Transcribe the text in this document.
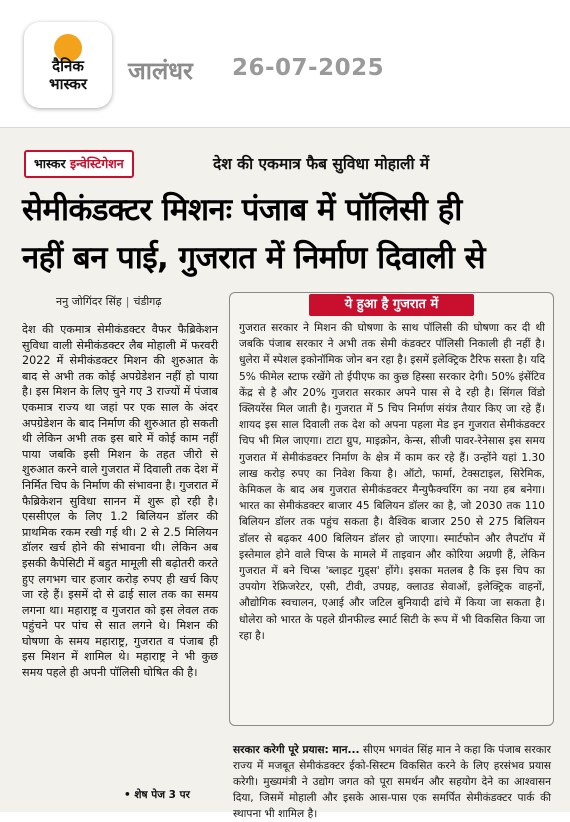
दैनिक
भास्कर	जालंधर 26-07-2025
भास्कर इन्वेस्टिगेशन	देश की एकमात्र फैब सुविधा मोहाली में
सेमीकंडक्टर मिशनः पंजाब में पॉलिसी ही
नहीं बन पाई, गुजरात में निर्माण दिवाली से
ननु जोगिंदर सिंह | चंडीगढ़

देश की एकमात्र सेमीकंडक्टर वैफर फैब्रिकेशन सुविधा वाली सेमीकंडक्टर लैब मोहाली में फरवरी 2022 में सेमीकंडक्टर मिशन की शुरुआत के बाद से अभी तक कोई अपग्रेडेशन नहीं हो पाया है। इस मिशन के लिए चुने गए 3 राज्यों में पंजाब एकमात्र राज्य था जहां पर एक साल के अंदर अपग्रेडेशन के बाद निर्माण की शुरुआत हो सकती थी लेकिन अभी तक इस बारे में कोई काम नहीं पाया जबकि इसी मिशन के तहत जीरो से शुरुआत करने वाले गुजरात में दिवाली तक देश में निर्मित चिप के निर्माण की संभावना है। गुजरात में फैब्रिकेशन सुविधा सानन में शुरू हो रही है। एससीएल के लिए 1.2 बिलियन डॉलर की प्राथमिक रकम रखी गई थी। 2 से 2.5 मिलियन डॉलर खर्च होने की संभावना थी। लेकिन अब इसकी कैपेसिटी में बहुत मामूली सी बढ़ोतरी करते हुए लगभग चार हजार करोड़ रुपए ही खर्च किए जा रहे हैं। इसमें दो से ढाई साल तक का समय लगना था। महाराष्ट्र व गुजरात को इस लेवल तक पहुंचने पर पांच से सात लगने थे। मिशन की घोषणा के समय महाराष्ट्र, गुजरात व पंजाब ही इस मिशन में शामिल थे। महाराष्ट्र ने भी कुछ समय पहले ही अपनी पॉलिसी घोषित की है।

• शेष पेज 3 पर
ये हुआ है गुजरात में
गुजरात सरकार ने मिशन की घोषणा के साथ पॉलिसी की घोषणा कर दी थी जबकि पंजाब सरकार ने अभी तक सेमी कंडक्टर पॉलिसी निकाली ही नहीं है। धुलेरा में स्पेशल इकोनॉमिक जोन बन रहा है। इसमें इलेक्ट्रिक टैरिफ सस्ता है। यदि 5% फीमेल स्टाफ रखेंगे तो ईपीएफ का कुछ हिस्सा सरकार देगी। 50% इंसेंटिव केंद्र से है और 20% गुजरात सरकार अपने पास से दे रही है। सिंगल विंडो क्लियरेंस मिल जाती है। गुजरात में 5 चिप निर्माण संयंत्र तैयार किए जा रहे हैं। शायद इस साल दिवाली तक देश को अपना पहला मेड इन गुजरात सेमीकंडक्टर चिप भी मिल जाएगा। टाटा ग्रुप, माइक्रोन, केन्स, सीजी पावर-रेनेसास इस समय गुजरात में सेमीकंडक्टर निर्माण के क्षेत्र में काम कर रहे हैं। उन्होंने यहां 1.30 लाख करोड़ रुपए का निवेश किया है। ऑटो, फार्मा, टेक्सटाइल, सिरेमिक, केमिकल के बाद अब गुजरात सेमीकंडक्टर मैन्युफैक्चरिंग का नया हब बनेगा। भारत का सेमीकंडक्टर बाजार 45 बिलियन डॉलर का है, जो 2030 तक 110 बिलियन डॉलर तक पहुंच सकता है। वैश्विक बाजार 250 से 275 बिलियन डॉलर से बढ़कर 400 बिलियन डॉलर हो जाएगा। स्मार्टफोन और लैपटॉप में इस्तेमाल होने वाले चिप्स के मामले में ताइवान और कोरिया अग्रणी हैं, लेकिन गुजरात में बने चिप्स 'ब्लाइट गुड्स' होंगे। इसका मतलब है कि इस चिप का उपयोग रेफ्रिजरेटर, एसी, टीवी, उपग्रह, क्लाउड सेवाओं, इलेक्ट्रिक वाहनों, औद्योगिक स्वचालन, एआई और जटिल बुनियादी ढांचे में किया जा सकता है। धोलेरा को भारत के पहले ग्रीनफील्ड स्मार्ट सिटी के रूप में भी विकसित किया जा रहा है।
सरकार करेगी पूरे प्रयास: मान... सीएम भगवंत सिंह मान ने कहा कि पंजाब सरकार राज्य में मजबूत सेमीकंडक्टर ईको-सिस्टम विकसित करने के लिए हरसंभव प्रयास करेगी। मुख्यमंत्री ने उद्योग जगत को पूरा समर्थन और सहयोग देने का आश्वासन दिया, जिसमें मोहाली और इसके आस-पास एक समर्पित सेमीकंडक्टर पार्क की स्थापना भी शामिल है।
